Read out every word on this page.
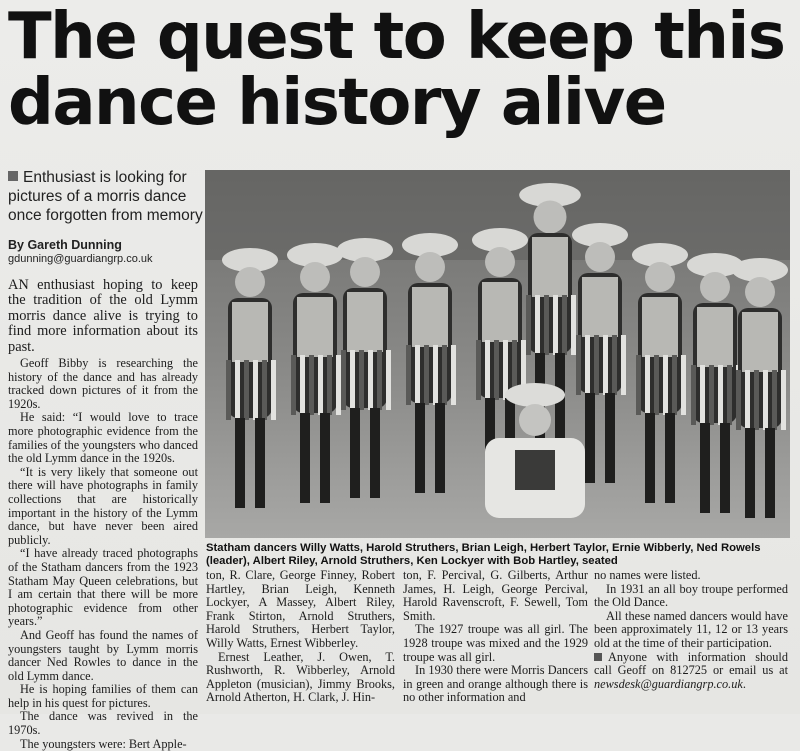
The quest to keep this dance history alive
Enthusiast is looking for pictures of a morris dance once forgotten from memory
By Gareth Dunning
gdunning@guardiangrp.co.uk

AN enthusiast hoping to keep the tradition of the old Lymm morris dance alive is trying to find more information about its past.

Geoff Bibby is researching the history of the dance and has already tracked down pictures of it from the 1920s.

He said: “I would love to trace more photographic evidence from the families of the youngsters who danced the old Lymm dance in the 1920s.

“It is very likely that someone out there will have photographs in family collections that are historically important in the history of the Lymm dance, but have never been aired publicly.

“I have already traced photographs of the Statham dancers from the 1923 Statham May Queen celebrations, but I am certain that there will be more photographic evidence from other years.”

And Geoff has found the names of youngsters taught by Lymm morris dancer Ned Rowles to dance in the old Lymm dance.

He is hoping families of them can help in his quest for pictures.

The dance was revived in the 1970s.

The youngsters were: Bert Apple-

Statham dancers Willy Watts, Harold Struthers, Brian Leigh, Herbert Taylor, Ernie Wibberly, Ned Rowels (leader), Albert Riley, Arnold Struthers, Ken Lockyer with Bob Hartley, seated

ton, R. Clare, George Finney, Robert Hartley, Brian Leigh, Kenneth Lockyer, A Massey, Albert Riley, Frank Stirton, Arnold Struthers, Harold Struthers, Herbert Taylor, Willy Watts, Ernest Wibberley.

Ernest Leather, J. Owen, T. Rushworth, R. Wibberley, Arnold Appleton (musician), Jimmy Brooks, Arnold Atherton, H. Clark, J. Hin-

ton, F. Percival, G. Gilberts, Arthur James, H. Leigh, George Percival, Harold Ravenscroft, F. Sewell, Tom Smith.

The 1927 troupe was all girl. The 1928 troupe was mixed and the 1929 troupe was all girl.

In 1930 there were Morris Dancers in green and orange although there is no other information and

no names were listed.

In 1931 an all boy troupe performed the Old Dance.

All these named dancers would have been approximately 11, 12 or 13 years old at the time of their participation.

Anyone with information should call Geoff on 812725 or email us at newsdesk@guardiangrp.co.uk.
